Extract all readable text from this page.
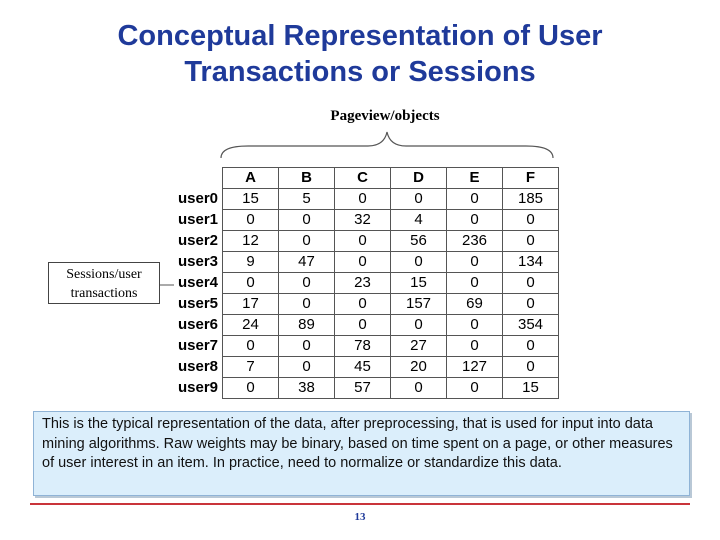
Conceptual Representation of User
Transactions or Sessions
Pageview/objects
Sessions/user
transactions
	A	B	C	D	E	F
user0	15	5	0	0	0	185
user1	0	0	32	4	0	0
user2	12	0	0	56	236	0
user3	9	47	0	0	0	134
user4	0	0	23	15	0	0
user5	17	0	0	157	69	0
user6	24	89	0	0	0	354
user7	0	0	78	27	0	0
user8	7	0	45	20	127	0
user9	0	38	57	0	0	15
This is the typical representation of the data, after preprocessing, that is used for input into data mining algorithms. Raw weights may be binary, based on time spent on a page, or other measures of user interest in an item. In practice, need to normalize or standardize this data.
13
